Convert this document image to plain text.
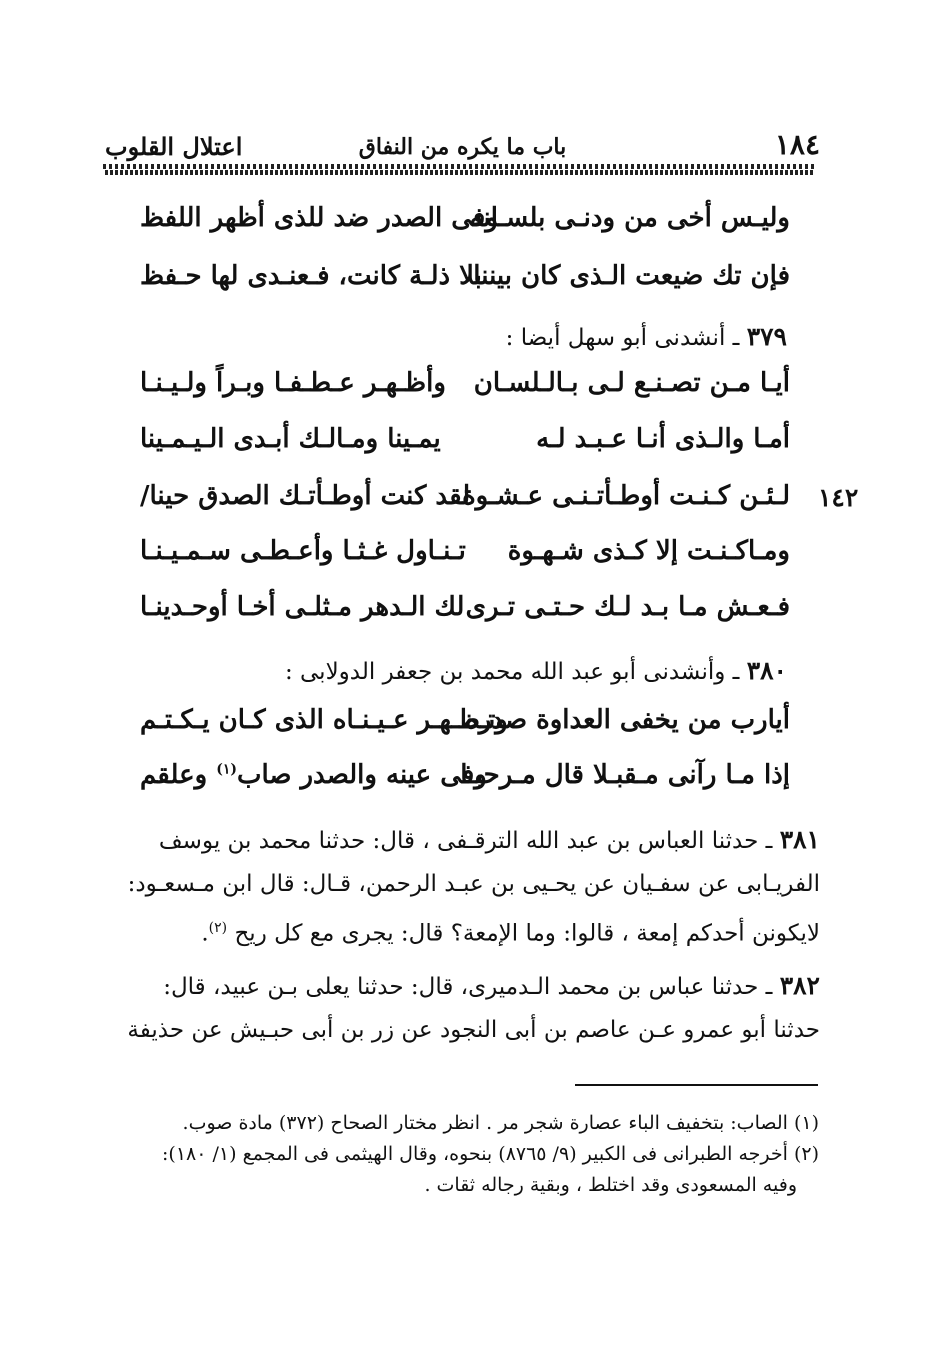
١٨٤
باب ما يكره من النفاق
اعتلال القلوب
وليـس أخى من ودنـى بلسـانه
وفى الصدر ضد للذى أظهر اللفظ
فإن تك ضيعت الـذى كان بيننا
بلا ذلـة كانت، فـعنـدى لها حـفظ
٣٧٩ ـ أنشدنى أبو سهل أيضا :
أيـا مـن تصـنـع لـى بـالـلسـان
وأظـهـر عـطـفـا وبـراً ولـيـنـا
أمـا والـذى أنـا عـبـد لـه
يمـينا ومـالـك أبـدى الـيـمـينا
لـئـن كـنـت أوطـأتـنـى عـشـوة
لقد كنت أوطـأتـك الصدق حينا/	١٤٢
ومـاكـنـت إلا كـذى شـهـوة
تـنـاول غـثـا وأعـطـى سـمـيـنـا
فـعـش مـا بـد لـك حـتـى تـرى
لك الـدهر مـثلـى أخـا أوحـدينـا
٣٨٠ ـ وأنشدنى أبو عبد الله محمد بن جعفر الدولابى :
أيارب من يخفى العداوة صدره
وتـظـهـر عـيـنـاه الذى كـان يـكـتـم
إذا مـا رآنى مـقبـلا قال مـرحبـا
وفى عينه والصدر صاب$^{(١)}$ وعلقم
٣٨١ ـ حدثنا العباس بن عبد الله الترقـفى ، قال: حدثنا محمد بن يوسف
الفريـابى عن سفـيان عن يحـيى بن عبـد الرحمن، قـال: قال ابن مـسعـود:
لايكونن أحدكم إمعة ، قالوا: وما الإمعة؟ قال: يجرى مع كل ريح $^{(٢)}$.
٣٨٢ ـ حدثنا عباس بن محمد الـدميرى، قال: حدثنا يعلى بـن عبيد، قال:
حدثنا أبو عمرو عـن عاصم بن أبى النجود عن زر بن أبى حبـيش عن حذيفة
(١) الصاب: بتخفيف الباء عصارة شجر مر . انظر مختار الصحاح (٣٧٢) مادة صوب.
(٢) أخرجه الطبرانى فى الكبير (٩/ ٨٧٦٥) بنحوه، وقال الهيثمى فى المجمع (١/ ١٨٠):
وفيه المسعودى وقد اختلط ، وبقية رجاله ثقات .
